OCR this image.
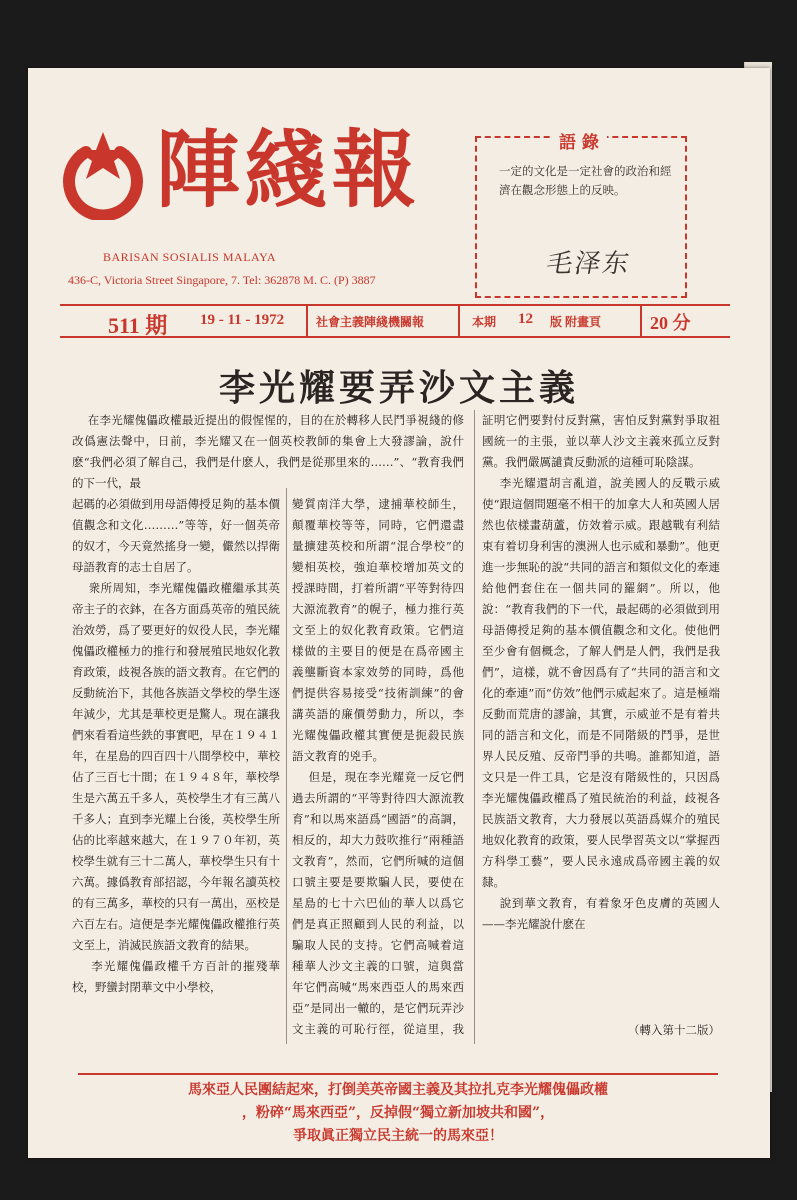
陣綫報
BARISAN SOSIALIS MALAYA
436-C, Victoria Street Singapore, 7. Tel: 362878 M. C. (P) 3887
語 錄
一定的文化是一定社會的政治和經濟在觀念形態上的反映。
毛泽东
511 期 19 - 11 - 1972	社會主義陣綫機關報	本期 12 版 附畫頁	20 分
李光耀要弄沙文主義
在李光耀傀儡政權最近提出的假惺惺的，目的在於轉移人民鬥爭視綫的修改僞憲法聲中，日前，李光耀又在一個英校教師的集會上大發謬論，說什麽“我們必須了解自己，我們是什麽人，我們是從那里來的……”、“教育我們的下一代，最
起碼的必須做到用母語傳授足夠的基本價值觀念和文化………”等等，好一個英帝的奴才，今天竟然搖身一變，儼然以捍衛母語教育的志士自居了。
衆所周知，李光耀傀儡政權繼承其英帝主子的衣鉢，在各方面爲英帝的殖民統治效勞，爲了要更好的奴役人民，李光耀傀儡政權極力的推行和發展殖民地奴化教育政策，歧視各族的語文教育。在它們的反動統治下，其他各族語文學校的學生逐年減少，尤其是華校更是驚人。現在讓我們來看看這些鉄的事實吧，早在１９４１年，在星島的四百四十八間學校中，華校佔了三百七十間；在１９４８年，華校學生是六萬五千多人，英校學生才有三萬八千多人；直到李光耀上台後，英校學生所佔的比率越來越大，在１９７０年初，英校學生就有三十二萬人，華校學生只有十六萬。據僞教育部招認，今年報名讀英校的有三萬多，華校的只有一萬出，巫校是六百左右。這便是李光耀傀儡政權推行英文至上，消滅民族語文教育的結果。
李光耀傀儡政權千方百計的摧殘華校，野蠻封閉華文中小學校，
變質南洋大學，逮捕華校師生，顛覆華校等等，同時，它們還盡量擴建英校和所謂“混合學校”的變相英校，強迫華校增加英文的授課時間，打着所謂“平等對待四大源流教育”的幌子，極力推行英文至上的奴化教育政策。它們這樣做的主要目的便是在爲帝國主義壟斷資本家效勞的同時，爲他們提供容易接受“技術訓練”的會講英語的廉價勞動力，所以，李光耀傀儡政權其實便是扼殺民族語文教育的兇手。
但是，現在李光耀竟一反它們過去所謂的“平等對待四大源流教育”和以馬來語爲“國語”的高調，相反的，却大力鼓吹推行“兩種語文教育”，然而，它們所喊的這個口號主要是要欺騙人民，要使在星島的七十六巴仙的華人以爲它們是真正照顧到人民的利益，以騙取人民的支持。它們高喊着這種華人沙文主義的口號，這與當年它們高喊“馬來西亞人的馬來西亞”是同出一轍的，是它們玩弄沙文主義的可恥行徑，從這里，我
証明它們要對付反對黨，害怕反對黨對爭取祖國統一的主張，並以華人沙文主義來孤立反對黨。我們嚴厲譴責反動派的這種可恥陰謀。
李光耀還胡言亂道，說美國人的反戰示威使“跟這個問題毫不相干的加拿大人和英國人居然也依樣畫葫蘆，仿效着示威。跟越戰有利結束有着切身利害的澳洲人也示威和暴動”。他更進一步無恥的說“共同的語言和類似文化的牽連給他們套住在一個共同的羅網”。所以，他說：“教育我們的下一代，最起碼的必須做到用母語傳授足夠的基本價值觀念和文化。使他們至少會有個概念，了解人們是人們，我們是我們”，這樣，就不會因爲有了“共同的語言和文化的牽連”而“仿效”他們示威起來了。這是極端反動而荒唐的謬論，其實，示威並不是有着共同的語言和文化，而是不同階級的鬥爭，是世界人民反殖、反帝鬥爭的共鳴。誰都知道，語文只是一件工具，它是沒有階級性的，只因爲李光耀傀儡政權爲了殖民統治的利益，歧視各民族語文教育，大力發展以英語爲媒介的殖民地奴化教育的政策，要人民學習英文以“掌握西方科學工藝”，要人民永遠成爲帝國主義的奴隸。
說到華文教育，有着象牙色皮膚的英國人——李光耀說什麽在
（轉入第十二版）
馬來亞人民團結起來，打倒美英帝國主義及其拉扎克李光耀傀儡政權
，粉碎“馬來西亞”，反掉假“獨立新加坡共和國”，
爭取眞正獨立民主統一的馬來亞！
